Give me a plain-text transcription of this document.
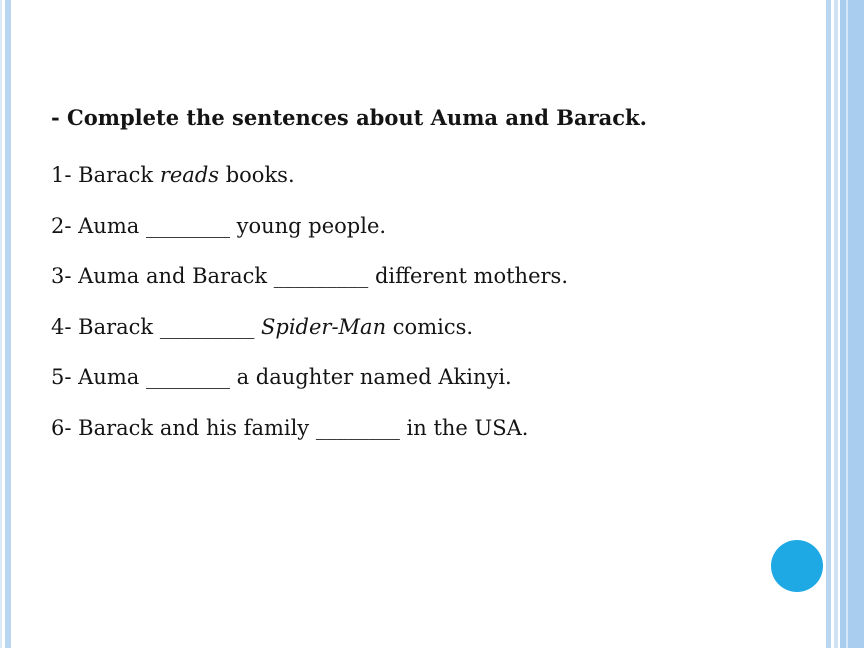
- Complete the sentences about Auma and Barack.

1- Barack reads books.

2- Auma ________ young people.

3- Auma and Barack _________ different mothers.

4- Barack _________ Spider-Man comics.

5- Auma ________ a daughter named Akinyi.

6- Barack and his family ________ in the USA.
